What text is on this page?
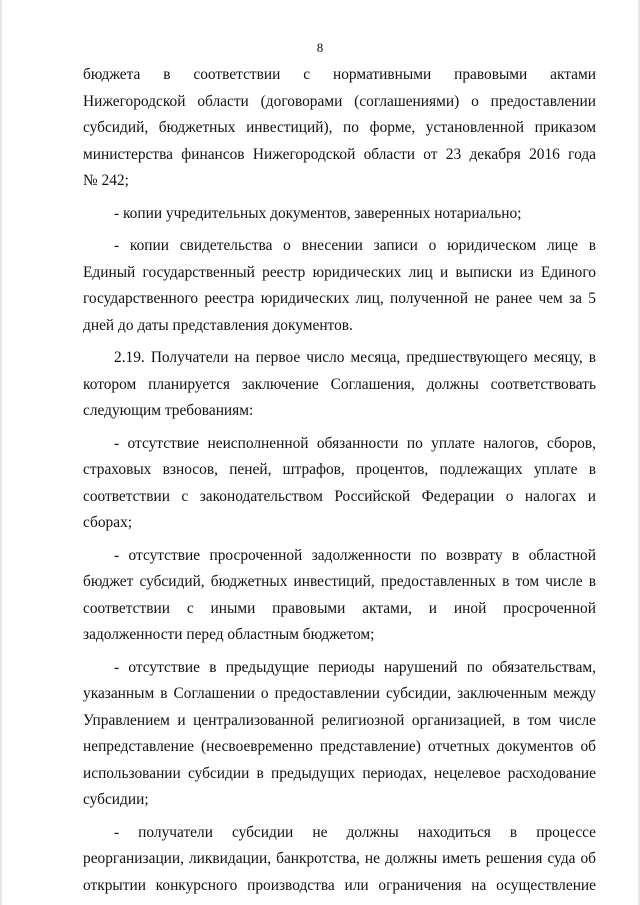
8
бюджета в соответствии с нормативными правовыми актами
Нижегородской области (договорами (соглашениями) о предоставлении
субсидий, бюджетных инвестиций), по форме, установленной приказом
министерства финансов Нижегородской области от 23 декабря 2016 года
№ 242;
- копии учредительных документов, заверенных нотариально;
- копии свидетельства о внесении записи о юридическом лице в
Единый государственный реестр юридических лиц и выписки из Единого
государственного реестра юридических лиц, полученной не ранее чем за 5
дней до даты представления документов.
2.19. Получатели на первое число месяца, предшествующего месяцу, в
котором планируется заключение Соглашения, должны соответствовать
следующим требованиям:
- отсутствие неисполненной обязанности по уплате налогов, сборов,
страховых взносов, пеней, штрафов, процентов, подлежащих уплате в
соответствии с законодательством Российской Федерации о налогах и
сборах;
- отсутствие просроченной задолженности по возврату в областной
бюджет субсидий, бюджетных инвестиций, предоставленных в том числе в
соответствии с иными правовыми актами, и иной просроченной
задолженности перед областным бюджетом;
- отсутствие в предыдущие периоды нарушений по обязательствам,
указанным в Соглашении о предоставлении субсидии, заключенным между
Управлением и централизованной религиозной организацией, в том числе
непредставление (несвоевременно представление) отчетных документов об
использовании субсидии в предыдущих периодах, нецелевое расходование
субсидии;
- получатели субсидии не должны находиться в процессе
реорганизации, ликвидации, банкротства, не должны иметь решения суда об
открытии конкурсного производства или ограничения на осуществление
